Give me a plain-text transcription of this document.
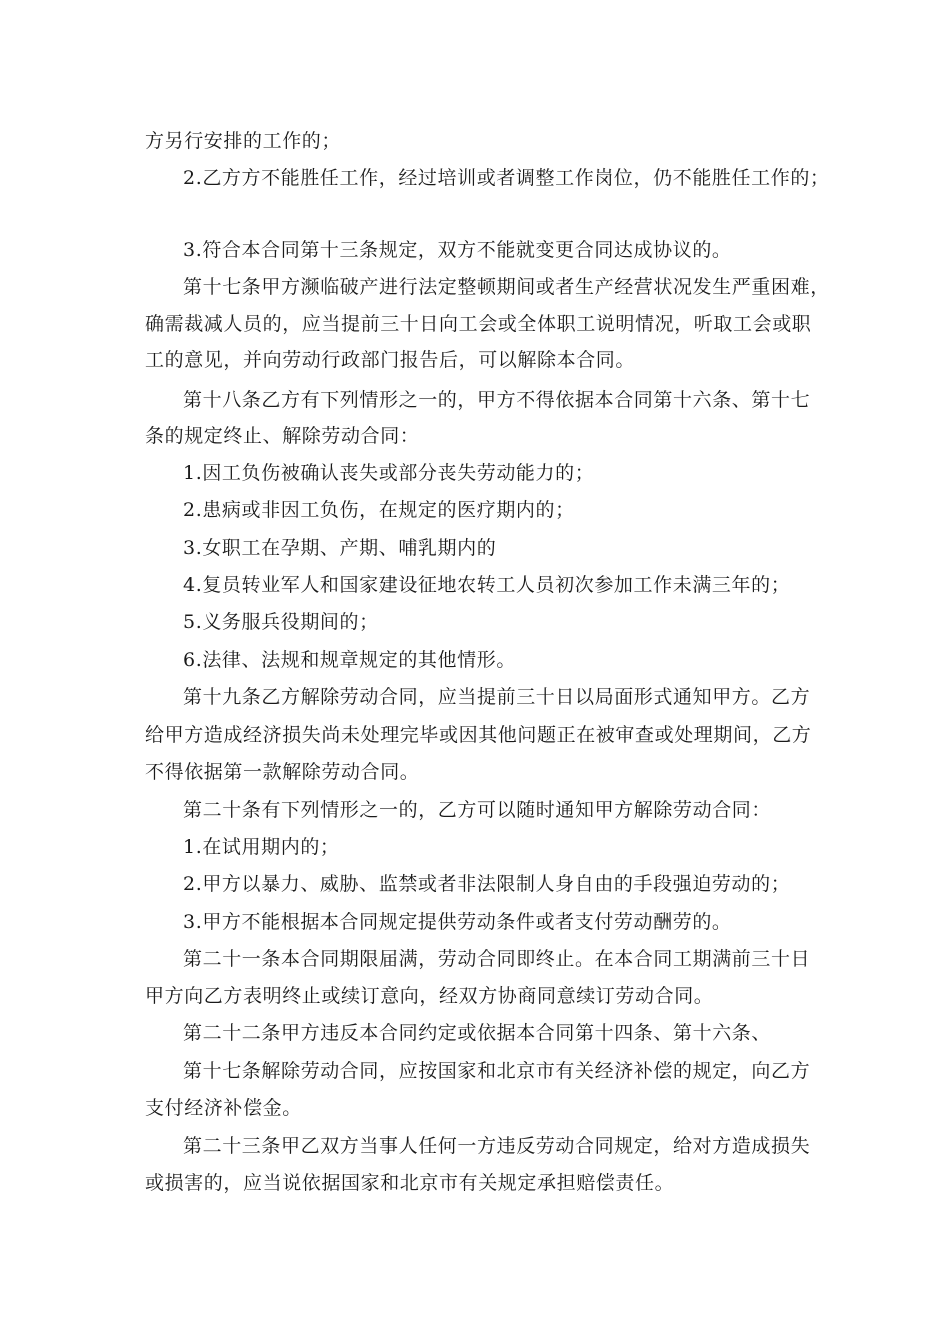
方另行安排的工作的；
2.乙方方不能胜任工作，经过培训或者调整工作岗位，仍不能胜任工作的；
3.符合本合同第十三条规定，双方不能就变更合同达成协议的。
第十七条甲方濒临破产进行法定整顿期间或者生产经营状况发生严重困难，
确需裁减人员的，应当提前三十日向工会或全体职工说明情况，听取工会或职
工的意见，并向劳动行政部门报告后，可以解除本合同。
第十八条乙方有下列情形之一的，甲方不得依据本合同第十六条、第十七
条的规定终止、解除劳动合同：
1.因工负伤被确认丧失或部分丧失劳动能力的；
2.患病或非因工负伤，在规定的医疗期内的；
3.女职工在孕期、产期、哺乳期内的
4.复员转业军人和国家建设征地农转工人员初次参加工作未满三年的；
5.义务服兵役期间的；
6.法律、法规和规章规定的其他情形。
第十九条乙方解除劳动合同，应当提前三十日以局面形式通知甲方。乙方
给甲方造成经济损失尚未处理完毕或因其他问题正在被审查或处理期间，乙方
不得依据第一款解除劳动合同。
第二十条有下列情形之一的，乙方可以随时通知甲方解除劳动合同：
1.在试用期内的；
2.甲方以暴力、威胁、监禁或者非法限制人身自由的手段强迫劳动的；
3.甲方不能根据本合同规定提供劳动条件或者支付劳动酬劳的。
第二十一条本合同期限届满，劳动合同即终止。在本合同工期满前三十日
甲方向乙方表明终止或续订意向，经双方协商同意续订劳动合同。
第二十二条甲方违反本合同约定或依据本合同第十四条、第十六条、
第十七条解除劳动合同，应按国家和北京市有关经济补偿的规定，向乙方
支付经济补偿金。
第二十三条甲乙双方当事人任何一方违反劳动合同规定，给对方造成损失
或损害的，应当说依据国家和北京市有关规定承担赔偿责任。
